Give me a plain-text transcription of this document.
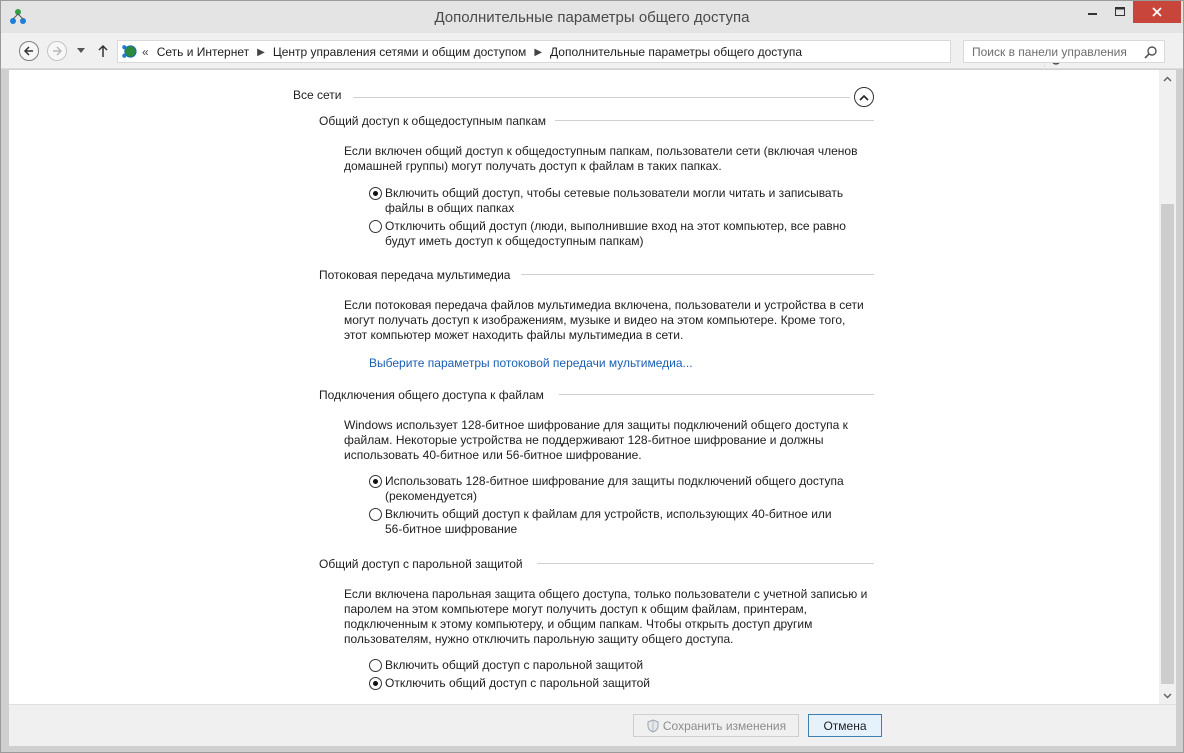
Дополнительные параметры общего доступа
« Сеть и Интернет ▶ Центр управления сетями и общим доступом ▶ Дополнительные параметры общего доступа	Поиск в панели управления
Все сети
Общий доступ к общедоступным папкам
Если включен общий доступ к общедоступным папкам, пользователи сети (включая членов
домашней группы) могут получать доступ к файлам в таких папках.
Включить общий доступ, чтобы сетевые пользователи могли читать и записывать
файлы в общих папках
Отключить общий доступ (люди, выполнившие вход на этот компьютер, все равно
будут иметь доступ к общедоступным папкам)
Потоковая передача мультимедиа
Если потоковая передача файлов мультимедиа включена, пользователи и устройства в сети
могут получать доступ к изображениям, музыке и видео на этом компьютере. Кроме того,
этот компьютер может находить файлы мультимедиа в сети.
Выберите параметры потоковой передачи мультимедиа...
Подключения общего доступа к файлам
Windows использует 128-битное шифрование для защиты подключений общего доступа к
файлам. Некоторые устройства не поддерживают 128-битное шифрование и должны
использовать 40-битное или 56-битное шифрование.
Использовать 128-битное шифрование для защиты подключений общего доступа
(рекомендуется)
Включить общий доступ к файлам для устройств, использующих 40-битное или
56-битное шифрование
Общий доступ с парольной защитой
Если включена парольная защита общего доступа, только пользователи с учетной записью и
паролем на этом компьютере могут получить доступ к общим файлам, принтерам,
подключенным к этому компьютеру, и общим папкам. Чтобы открыть доступ другим
пользователям, нужно отключить парольную защиту общего доступа.
Включить общий доступ с парольной защитой
Отключить общий доступ с парольной защитой
Сохранить изменения	Отмена
